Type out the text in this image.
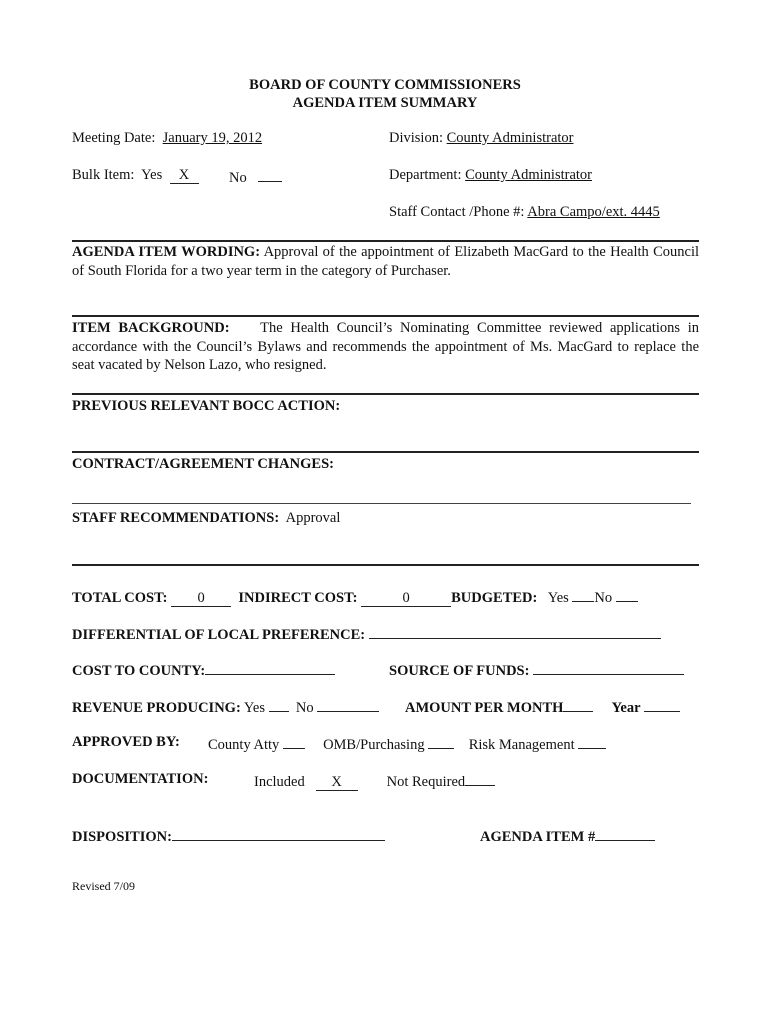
BOARD OF COUNTY COMMISSIONERS
AGENDA ITEM SUMMARY
Meeting Date: January 19, 2012	Division: County Administrator
Bulk Item: Yes X	No	Department: County Administrator
Staff Contact /Phone #: Abra Campo/ext. 4445
AGENDA ITEM WORDING: Approval of the appointment of Elizabeth MacGard to the Health Council of South Florida for a two year term in the category of Purchaser.
ITEM BACKGROUND: The Health Council’s Nominating Committee reviewed applications in accordance with the Council’s Bylaws and recommends the appointment of Ms. MacGard to replace the seat vacated by Nelson Lazo, who resigned.
PREVIOUS RELEVANT BOCC ACTION:
CONTRACT/AGREEMENT CHANGES:
STAFF RECOMMENDATIONS: Approval
TOTAL COST: 0 INDIRECT COST:	0	BUDGETED: Yes No
DIFFERENTIAL OF LOCAL PREFERENCE:
COST TO COUNTY:	SOURCE OF FUNDS:
REVENUE PRODUCING: Yes No	AMOUNT PER MONTH	Year
APPROVED BY: County Atty	OMB/Purchasing	Risk Management
DOCUMENTATION:	Included X	Not Required
DISPOSITION:	AGENDA ITEM #
Revised 7/09
